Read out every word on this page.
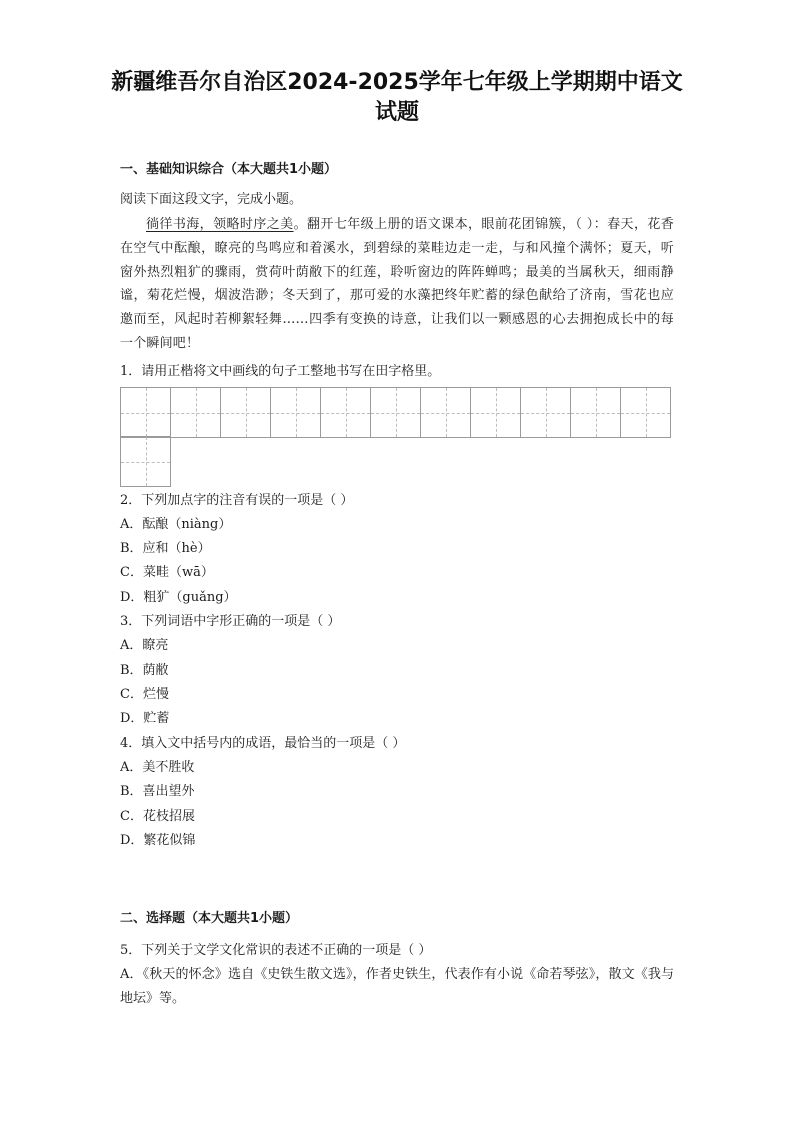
新疆维吾尔自治区2024-2025学年七年级上学期期中语文
试题
一、基础知识综合（本大题共1小题）
阅读下面这段文字，完成小题。
徜徉书海，领略时序之美。翻开七年级上册的语文课本，眼前花团锦簇，（ ）：春天，花香在空气中酝酿，瞭亮的鸟鸣应和着溪水，到碧绿的菜畦边走一走，与和风撞个满怀；夏天，听窗外热烈粗犷的骤雨，赏荷叶荫敝下的红莲，聆听窗边的阵阵蝉鸣；最美的当属秋天，细雨静谧，菊花烂慢，烟波浩渺；冬天到了，那可爱的水藻把终年贮蓄的绿色献给了济南，雪花也应邀而至，风起时若柳絮轻舞……四季有变换的诗意，让我们以一颗感恩的心去拥抱成长中的每一个瞬间吧！
1．请用正楷将文中画线的句子工整地书写在田字格里。
2．下列加点字的注音有误的一项是（ ）
A．酝酿（niàng）
B．应和（hè）
C．菜畦（wā）
D．粗犷（guǎng）
3．下列词语中字形正确的一项是（ ）
A．瞭亮
B．荫敝
C．烂慢
D．贮蓄
4．填入文中括号内的成语，最恰当的一项是（ ）
A．美不胜收
B．喜出望外
C．花枝招展
D．繁花似锦
二、选择题（本大题共1小题）
5．下列关于文学文化常识的表述不正确的一项是（ ）
A．《秋天的怀念》选自《史铁生散文选》，作者史铁生，代表作有小说《命若琴弦》，散文《我与地坛》等。
